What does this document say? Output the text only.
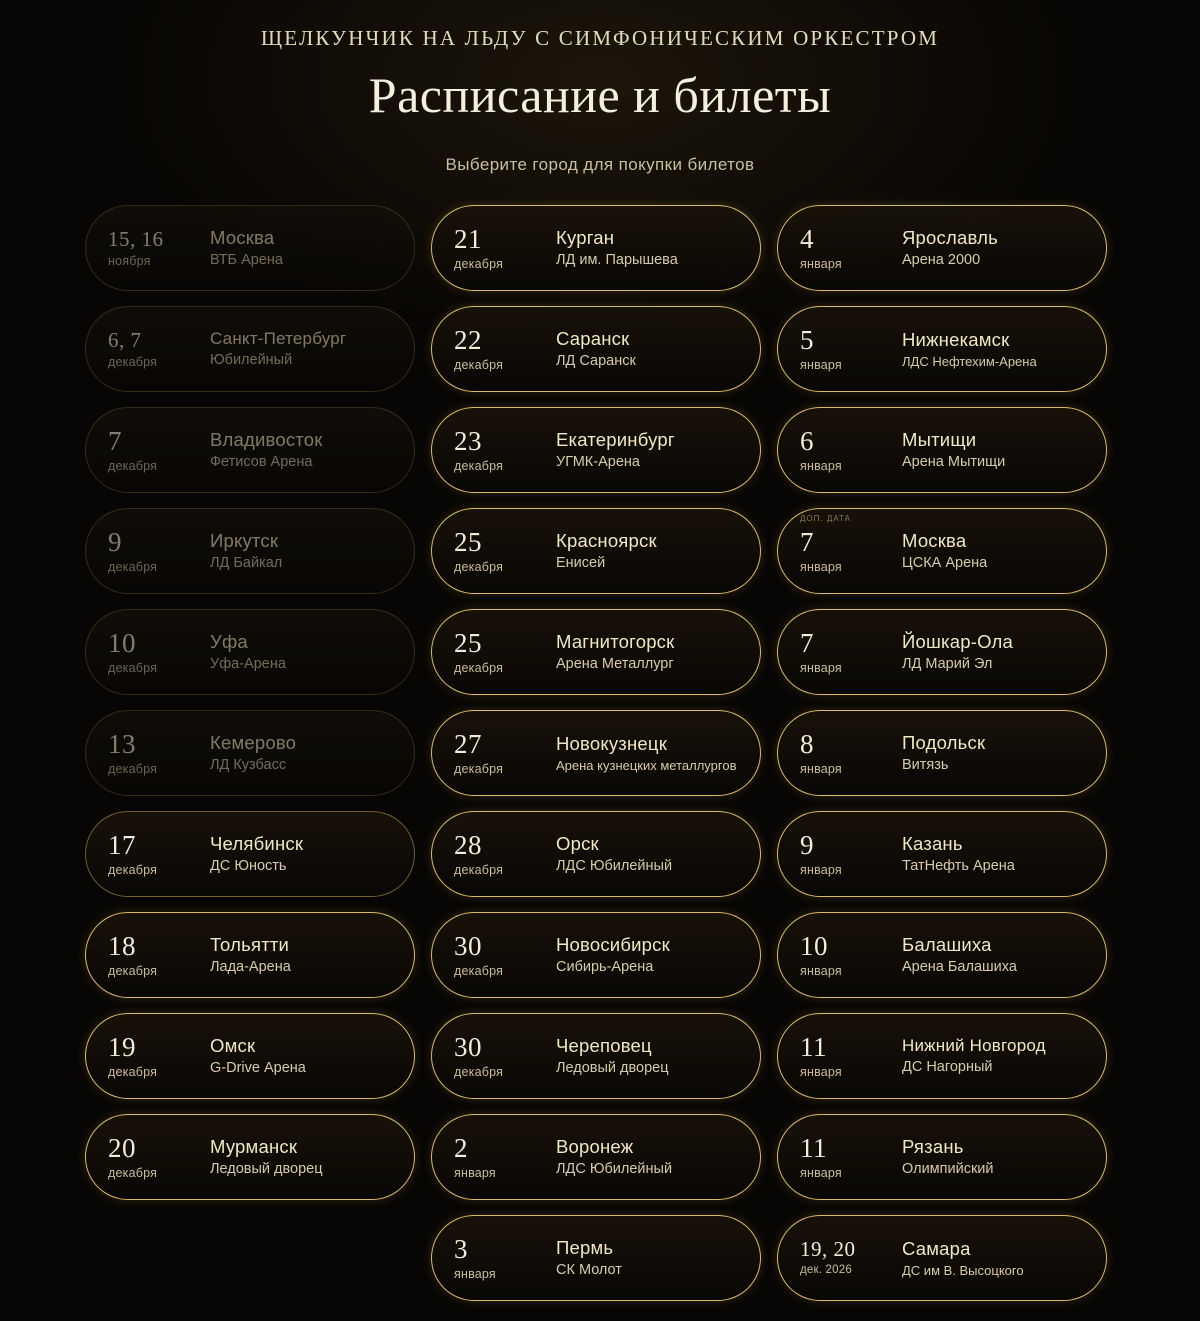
ЩЕЛКУНЧИК НА ЛЬДУ С СИМФОНИЧЕСКИМ ОРКЕСТРОМ
Расписание и билеты
Выберите город для покупки билетов
15, 16
ноября
Москва
ВТБ Арена
6, 7
декабря
Санкт-Петербург
Юбилейный
7
декабря
Владивосток
Фетисов Арена
9
декабря
Иркутск
ЛД Байкал
10
декабря
Уфа
Уфа-Арена
13
декабря
Кемерово
ЛД Кузбасс
17
декабря
Челябинск
ДС Юность
18
декабря
Тольятти
Лада-Арена
19
декабря
Омск
G-Drive Арена
20
декабря
Мурманск
Ледовый дворец
21
декабря
Курган
ЛД им. Парышева
22
декабря
Саранск
ЛД Саранск
23
декабря
Екатеринбург
УГМК-Арена
25
декабря
Красноярск
Енисей
25
декабря
Магнитогорск
Арена Металлург
27
декабря
Новокузнецк
Арена кузнецких металлургов
28
декабря
Орск
ЛДС Юбилейный
30
декабря
Новосибирск
Сибирь-Арена
30
декабря
Череповец
Ледовый дворец
2
января
Воронеж
ЛДС Юбилейный
3
января
Пермь
СК Молот
4
января
Ярославль
Арена 2000
5
января
Нижнекамск
ЛДС Нефтехим-Арена
6
января
Мытищи
Арена Мытищи
ДОП. ДАТА
7
января
Москва
ЦСКА Арена
7
января
Йошкар-Ола
ЛД Марий Эл
8
января
Подольск
Витязь
9
января
Казань
ТатНефть Арена
10
января
Балашиха
Арена Балашиха
11
января
Нижний Новгород
ДС Нагорный
11
января
Рязань
Олимпийский
19, 20
дек. 2026
Самара
ДС им В. Высоцкого
